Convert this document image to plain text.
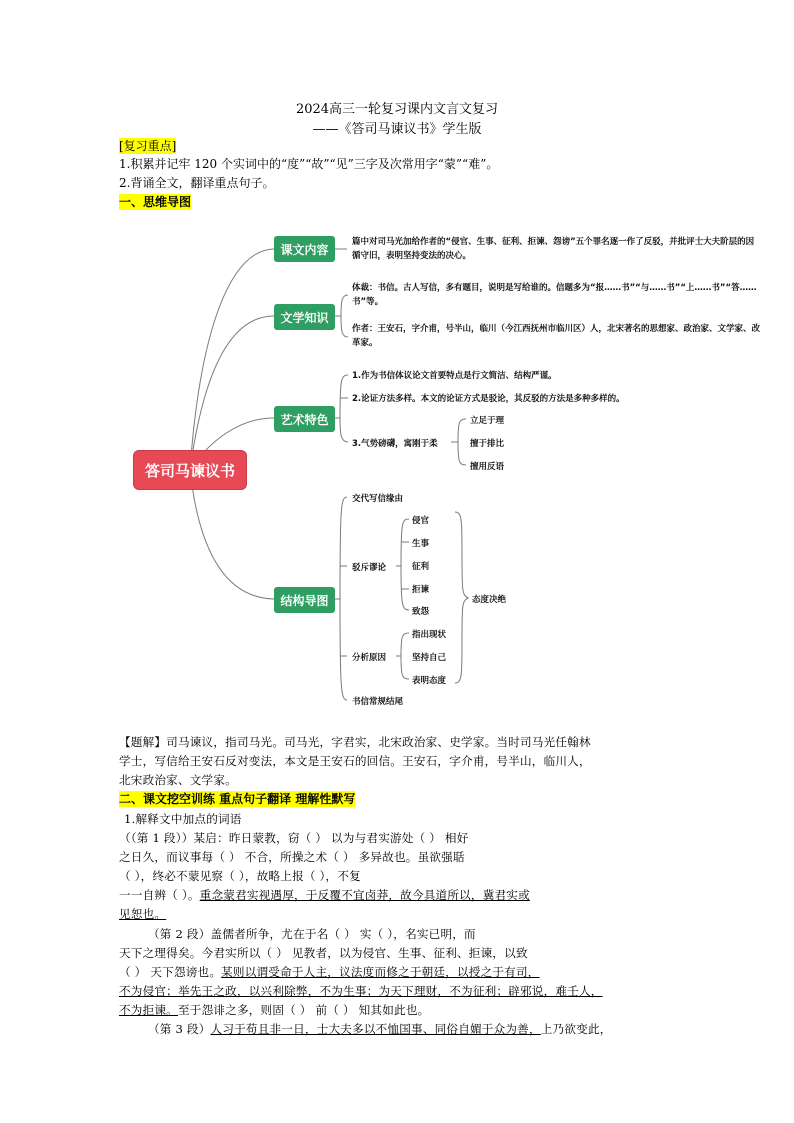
2024高三一轮复习课内文言文复习
——《答司马谏议书》学生版
[复习重点]
1.积累并记牢 120 个实词中的“度”“故”“见”三字及次常用字“蒙”“难”。
2.背诵全文，翻译重点句子。
一、思维导图
答司马谏议书
课文内容
篇中对司马光加给作者的“侵官、生事、征利、拒谏、怨谤”五个罪名逐一作了反驳，并批评士大夫阶层的因循守旧，表明坚持变法的决心。
文学知识
体裁：书信。古人写信，多有题目，说明是写给谁的。信题多为“报……书”“与……书”“上……书”“答……书”等。
作者：王安石，字介甫，号半山，临川（今江西抚州市临川区）人，北宋著名的思想家、政治家、文学家、改革家。
艺术特色
1.作为书信体议论文首要特点是行文简洁、结构严谨。
2.论证方法多样。本文的论证方式是驳论，其反驳的方法是多种多样的。
3.气势磅礴，寓刚于柔
立足于理
擅于排比
擅用反语
结构导图
交代写信缘由
驳斥谬论
侵官
生事
征利
拒谏
致怨
态度决绝
分析原因
指出现状
坚持自己
表明态度
书信常规结尾
【题解】司马谏议，指司马光。司马光，字君实，北宋政治家、史学家。当时司马光任翰林
学士，写信给王安石反对变法，本文是王安石的回信。王安石，字介甫，号半山，临川人，
北宋政治家、文学家。
二、课文挖空训练 重点句子翻译 理解性默写
1.解释文中加点的词语
（（第 1 段））某启：昨日蒙教，窃（ ） 以为与君实游处（ ） 相好
之日久，而议事每（ ） 不合，所操之术（ ） 多异故也。虽欲强聒
（ ），终必不蒙见察（ ），故略上报（ ），不复
一一自辨（ ）。重念蒙君实视遇厚，于反覆不宜卤莽，故今具道所以，冀君实或
见恕也。
（第 2 段）盖儒者所争，尤在于名（ ） 实（ ），名实已明，而
天下之理得矣。今君实所以（ ） 见教者，以为侵官、生事、征利、拒谏，以致
（ ） 天下怨谤也。某则以谓受命于人主，议法度而修之于朝廷，以授之于有司，
不为侵官；举先王之政，以兴利除弊，不为生事；为天下理财，不为征利；辟邪说，难壬人，
不为拒谏。至于怨诽之多，则固（ ） 前（ ） 知其如此也。
（第 3 段）人习于苟且非一日，士大夫多以不恤国事、同俗自媚于众为善，上乃欲变此，
